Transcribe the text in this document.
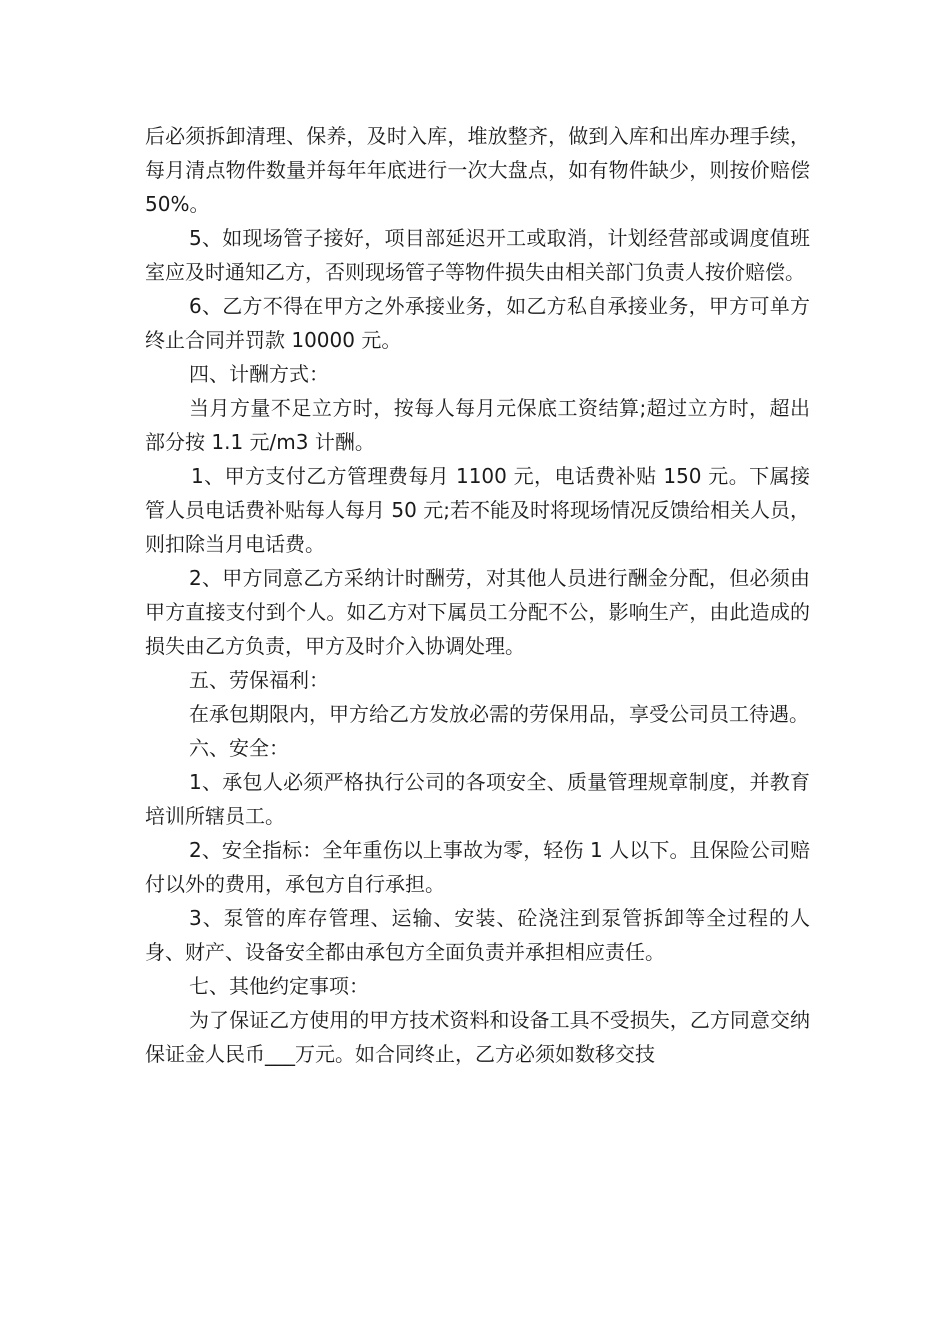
后必须拆卸清理、保养，及时入库，堆放整齐，做到入库和出库办理手续，每月清点物件数量并每年年底进行一次大盘点，如有物件缺少，则按价赔偿 50%。

5、如现场管子接好，项目部延迟开工或取消，计划经营部或调度值班室应及时通知乙方，否则现场管子等物件损失由相关部门负责人按价赔偿。

6、乙方不得在甲方之外承接业务，如乙方私自承接业务，甲方可单方终止合同并罚款 10000 元。

四、计酬方式：

当月方量不足立方时，按每人每月元保底工资结算;超过立方时，超出部分按 1.1 元/m3 计酬。

1、甲方支付乙方管理费每月 1100 元，电话费补贴 150 元。下属接管人员电话费补贴每人每月 50 元;若不能及时将现场情况反馈给相关人员，则扣除当月电话费。

2、甲方同意乙方采纳计时酬劳，对其他人员进行酬金分配，但必须由甲方直接支付到个人。如乙方对下属员工分配不公，影响生产，由此造成的损失由乙方负责，甲方及时介入协调处理。

五、劳保福利：

在承包期限内，甲方给乙方发放必需的劳保用品，享受公司员工待遇。

六、安全：

1、承包人必须严格执行公司的各项安全、质量管理规章制度，并教育培训所辖员工。

2、安全指标：全年重伤以上事故为零，轻伤 1 人以下。且保险公司赔付以外的费用，承包方自行承担。

3、泵管的库存管理、运输、安装、砼浇注到泵管拆卸等全过程的人身、财产、设备安全都由承包方全面负责并承担相应责任。

七、其他约定事项：

为了保证乙方使用的甲方技术资料和设备工具不受损失，乙方同意交纳保证金人民币___万元。如合同终止，乙方必须如数移交技
